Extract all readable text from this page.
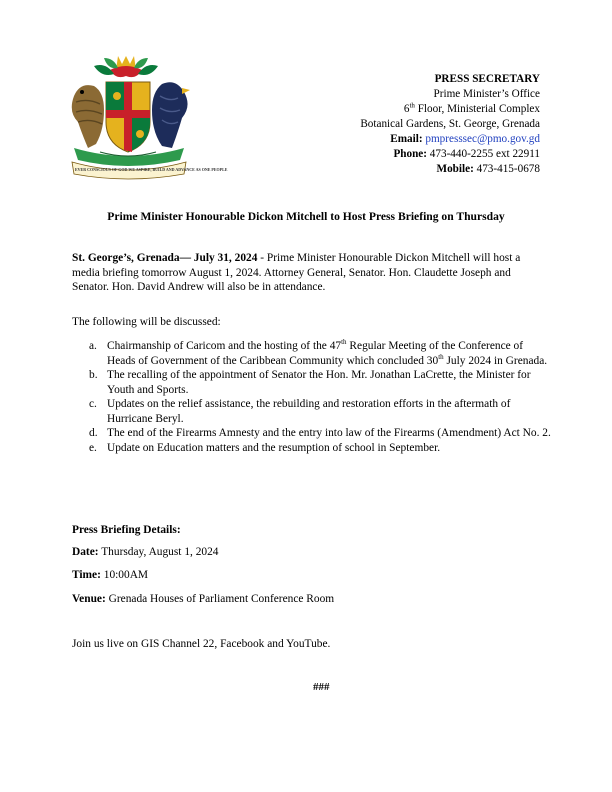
EVER CONSCIOUS OF GOD WE ASPIRE, BUILD AND ADVANCE AS ONE PEOPLE
PRESS SECRETARY
Prime Minister’s Office
6th Floor, Ministerial Complex
Botanical Gardens, St. George, Grenada
Email: pmpresssec@pmo.gov.gd
Phone: 473-440-2255 ext 22911
Mobile: 473-415-0678
Prime Minister Honourable Dickon Mitchell to Host Press Briefing on Thursday
St. George’s, Grenada— July 31, 2024 - Prime Minister Honourable Dickon Mitchell will host a media briefing tomorrow August 1, 2024. Attorney General, Senator. Hon. Claudette Joseph and Senator. Hon. David Andrew will also be in attendance.
The following will be discussed:
a. Chairmanship of Caricom and the hosting of the 47th Regular Meeting of the Conference of Heads of Government of the Caribbean Community which concluded 30th July 2024 in Grenada.
b. The recalling of the appointment of Senator the Hon. Mr. Jonathan LaCrette, the Minister for Youth and Sports.
c. Updates on the relief assistance, the rebuilding and restoration efforts in the aftermath of Hurricane Beryl.
d. The end of the Firearms Amnesty and the entry into law of the Firearms (Amendment) Act No. 2.
e. Update on Education matters and the resumption of school in September.
Press Briefing Details:
Date: Thursday, August 1, 2024
Time: 10:00AM
Venue: Grenada Houses of Parliament Conference Room
Join us live on GIS Channel 22, Facebook and YouTube.
###
